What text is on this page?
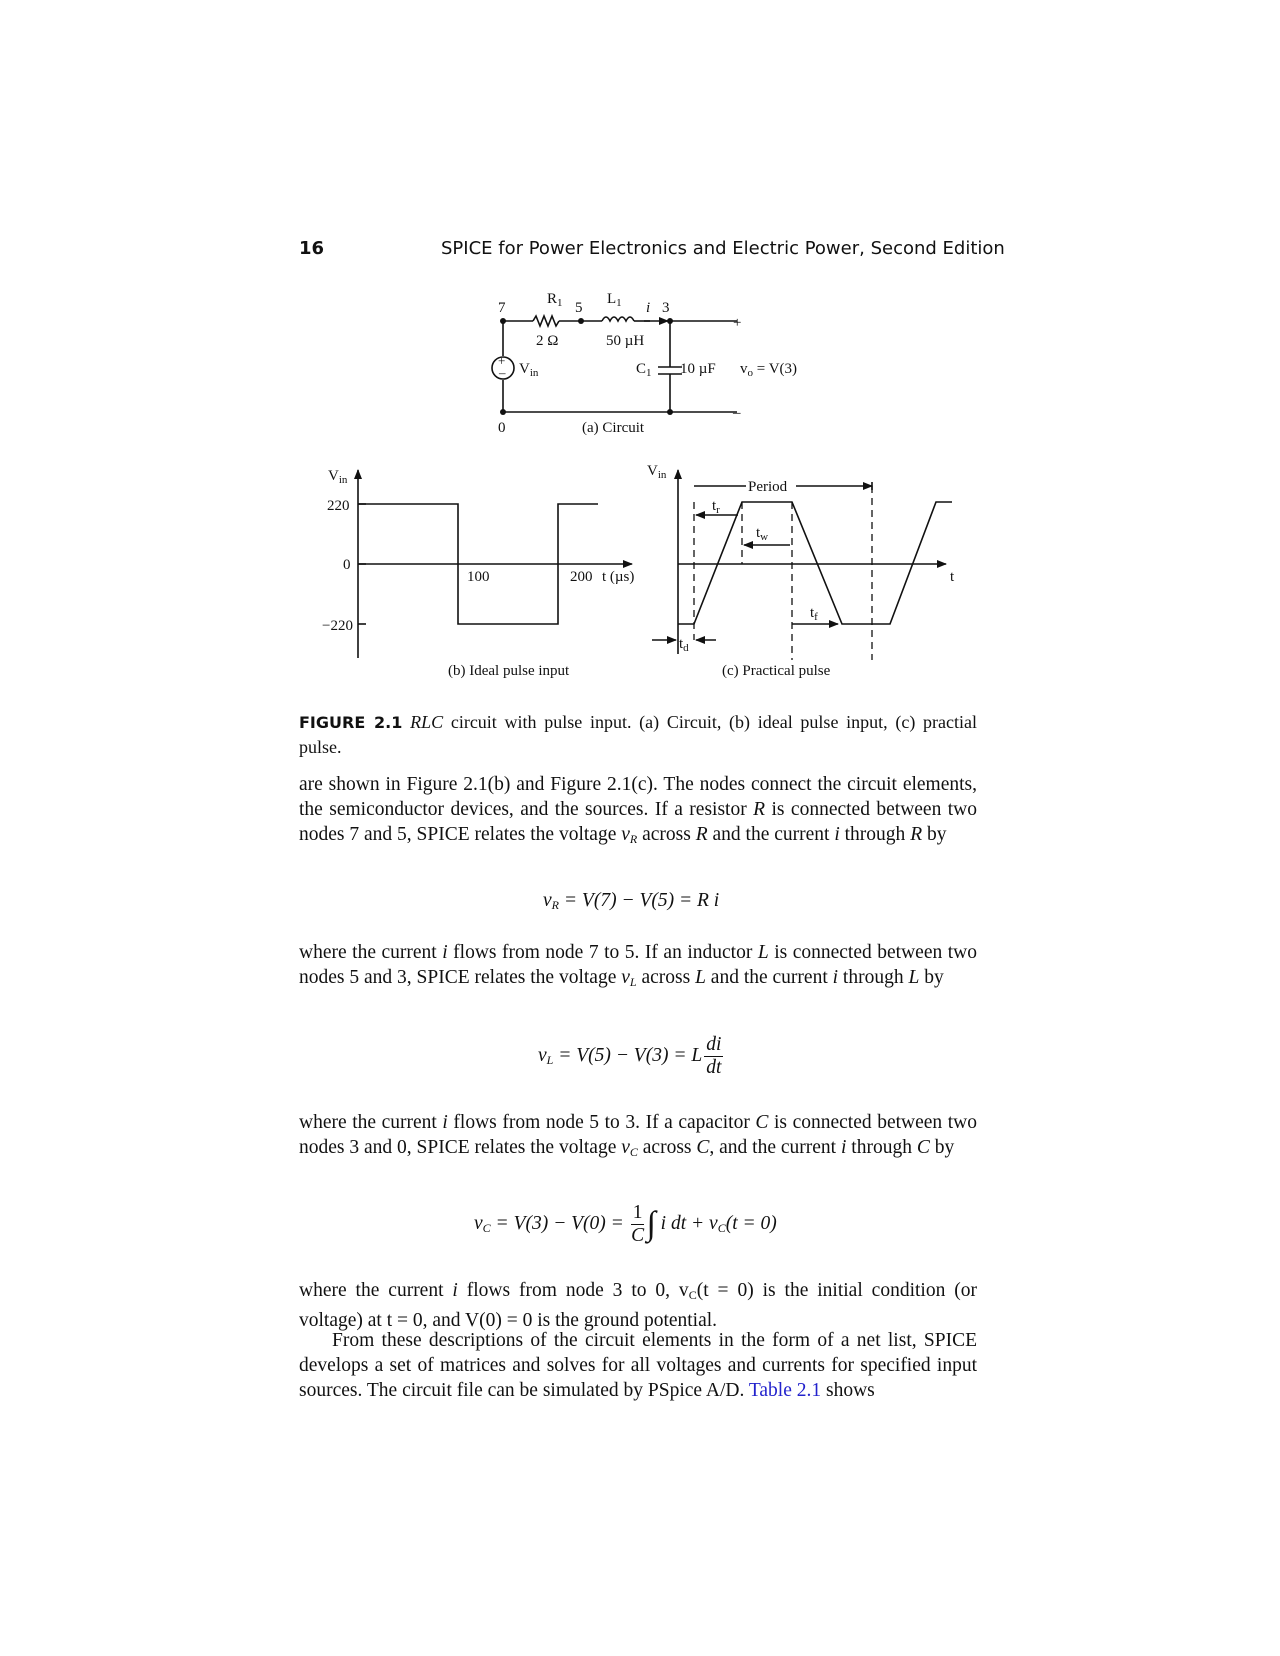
16	SPICE for Power Electronics and Electric Power, Second Edition
+
–
7	5	3
0
$R_1$
2 Ω
$L_1$ i
50 µH
$V_{in}$	$C_1$ 10 µF $v_o = V(3)$
+
–
(a) Circuit
$V_{in}$
220
0
−220
100	200 t (µs)
(b) Ideal pulse input
Period
$V_{in}$
$t_r$
$t_w$
$t_f$
$t_d$
t
(c) Practical pulse
FIGURE 2.1 RLC circuit with pulse input. (a) Circuit, (b) ideal pulse input, (c) practial pulse.
are shown in Figure 2.1(b) and Figure 2.1(c). The nodes connect the circuit elements, the semiconductor devices, and the sources. If a resistor R is connected between two nodes 7 and 5, SPICE relates the voltage $v_R$ across R and the current i through R by
$v_R = V(7) - V(5) = R$ i
where the current i flows from node 7 to 5. If an inductor L is connected between two nodes 5 and 3, SPICE relates the voltage $v_L$ across L and the current i through L by
$v_L = V(5) - V(3) = L \frac{di}{dt}$
where the current i flows from node 5 to 3. If a capacitor C is connected between two nodes 3 and 0, SPICE relates the voltage $v_C$ across C, and the current i through C by
$v_C = V(3) - V(0) = \frac{1}{C}$ ∫ i dt + $v_C(t = 0)$
where the current i flows from node 3 to 0, $v_C(t = 0)$ is the initial condition (or voltage) at t = 0, and V(0) = 0 is the ground potential.
From these descriptions of the circuit elements in the form of a net list, SPICE develops a set of matrices and solves for all voltages and currents for specified input sources. The circuit file can be simulated by PSpice A/D. Table 2.1 shows
